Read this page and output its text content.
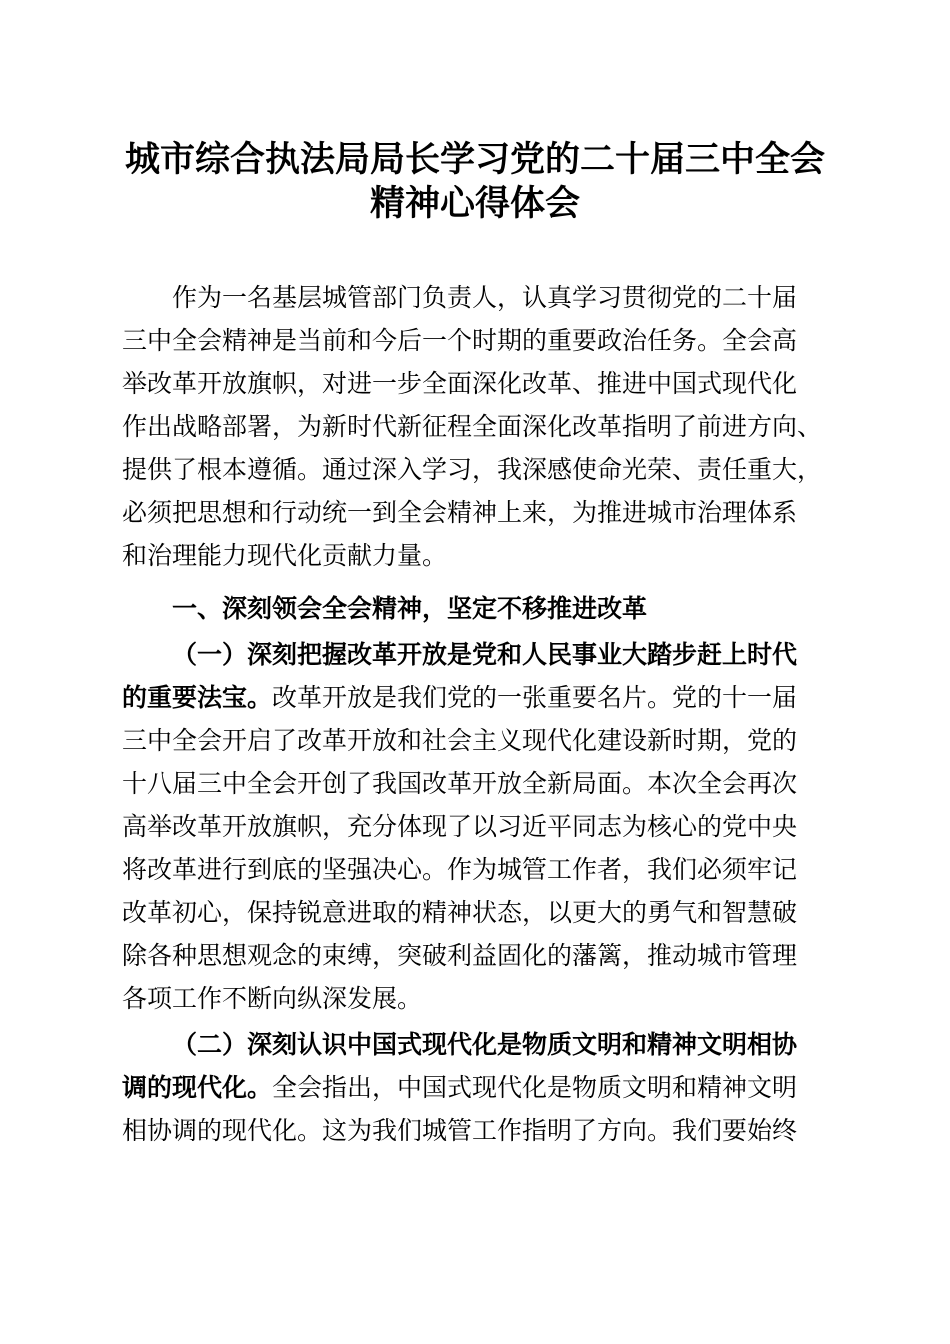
城市综合执法局局长学习党的二十届三中全会
精神心得体会

作为一名基层城管部门负责人，认真学习贯彻党的二十届

三中全会精神是当前和今后一个时期的重要政治任务。全会高

举改革开放旗帜，对进一步全面深化改革、推进中国式现代化

作出战略部署，为新时代新征程全面深化改革指明了前进方向、

提供了根本遵循。通过深入学习，我深感使命光荣、责任重大，

必须把思想和行动统一到全会精神上来，为推进城市治理体系

和治理能力现代化贡献力量。

一、深刻领会全会精神，坚定不移推进改革

（一）深刻把握改革开放是党和人民事业大踏步赶上时代

的重要法宝。改革开放是我们党的一张重要名片。党的十一届

三中全会开启了改革开放和社会主义现代化建设新时期，党的

十八届三中全会开创了我国改革开放全新局面。本次全会再次

高举改革开放旗帜，充分体现了以习近平同志为核心的党中央

将改革进行到底的坚强决心。作为城管工作者，我们必须牢记

改革初心，保持锐意进取的精神状态，以更大的勇气和智慧破

除各种思想观念的束缚，突破利益固化的藩篱，推动城市管理

各项工作不断向纵深发展。

（二）深刻认识中国式现代化是物质文明和精神文明相协

调的现代化。全会指出，中国式现代化是物质文明和精神文明

相协调的现代化。这为我们城管工作指明了方向。我们要始终
